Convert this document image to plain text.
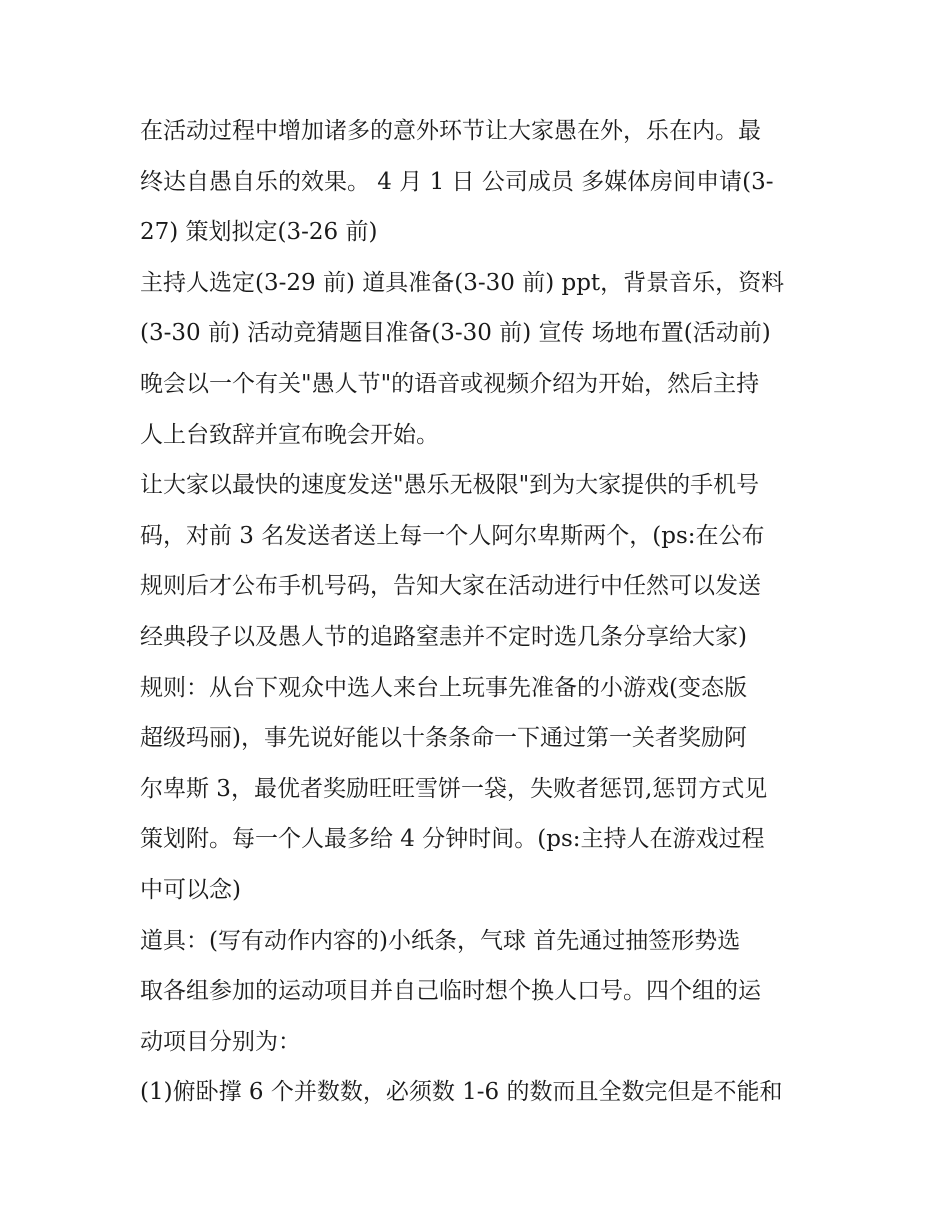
在活动过程中增加诸多的意外环节让大家愚在外，乐在内。最
终达自愚自乐的效果。 4 月 1 日 公司成员 多媒体房间申请(3-
27) 策划拟定(3-26 前)
主持人选定(3-29 前) 道具准备(3-30 前) ppt，背景音乐，资料
(3-30 前) 活动竞猜题目准备(3-30 前) 宣传 场地布置(活动前)
晚会以一个有关"愚人节"的语音或视频介绍为开始，然后主持
人上台致辞并宣布晚会开始。
让大家以最快的速度发送"愚乐无极限"到为大家提供的手机号
码，对前 3 名发送者送上每一个人阿尔卑斯两个，(ps:在公布
规则后才公布手机号码，告知大家在活动进行中任然可以发送
经典段子以及愚人节的追路窒恚并不定时选几条分享给大家)
规则：从台下观众中选人来台上玩事先准备的小游戏(变态版
超级玛丽)，事先说好能以十条条命一下通过第一关者奖励阿
尔卑斯 3，最优者奖励旺旺雪饼一袋，失败者惩罚,惩罚方式见
策划附。每一个人最多给 4 分钟时间。(ps:主持人在游戏过程
中可以念)
道具：(写有动作内容的)小纸条，气球 首先通过抽签形势选
取各组参加的运动项目并自己临时想个换人口号。四个组的运
动项目分别为：
(1)俯卧撑 6 个并数数，必须数 1-6 的数而且全数完但是不能和
